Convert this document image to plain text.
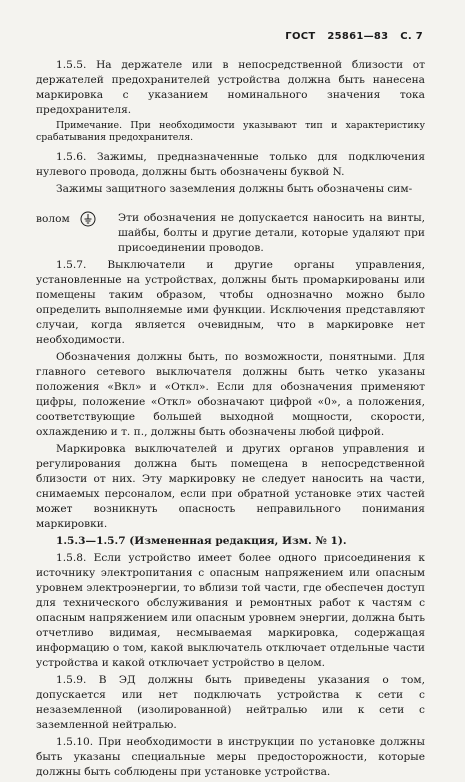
ГОСТ 25861—83 С. 7

1.5.5. На держателе или в непосредственной близости от держателей предохранителей устройства должна быть нанесена маркировка с указанием номинального значения тока предохранителя.

Примечание. При необходимости указывают тип и характеристику срабатывания предохранителя.

1.5.6. Зажимы, предназначенные только для подключения нулевого провода, должны быть обозначены буквой N.

Зажимы защитного заземления должны быть обозначены сим-

волом	Эти обозначения не допускается наносить на винты, шайбы, болты и другие детали, которые удаляют при присоединении проводов.

1.5.7. Выключатели и другие органы управления, установленные на устройствах, должны быть промаркированы или помещены таким образом, чтобы однозначно можно было определить выполняемые ими функции. Исключения представляют случаи, когда является очевидным, что в маркировке нет необходимости.

Обозначения должны быть, по возможности, понятными. Для главного сетевого выключателя должны быть четко указаны положения «Вкл» и «Откл». Если для обозначения применяют цифры, положение «Откл» обозначают цифрой «0», а положения, соответствующие большей выходной мощности, скорости, охлаждению и т. п., должны быть обозначены любой цифрой.

Маркировка выключателей и других органов управления и регулирования должна быть помещена в непосредственной близости от них. Эту маркировку не следует наносить на части, снимаемых персоналом, если при обратной установке этих частей может возникнуть опасность неправильного понимания маркировки.

1.5.3—1.5.7 (Измененная редакция, Изм. № 1).

1.5.8. Если устройство имеет более одного присоединения к источнику электропитания с опасным напряжением или опасным уровнем электроэнергии, то вблизи той части, где обеспечен доступ для технического обслуживания и ремонтных работ к частям с опасным напряжением или опасным уровнем энергии, должна быть отчетливо видимая, несмываемая маркировка, содержащая информацию о том, какой выключатель отключает отдельные части устройства и какой отключает устройство в целом.

1.5.9. В ЭД должны быть приведены указания о том, допускается или нет подключать устройства к сети с незаземленной (изолированной) нейтралью или к сети с заземленной нейтралью.

1.5.10. При необходимости в инструкции по установке должны быть указаны специальные меры предосторожности, которые должны быть соблюдены при установке устройства.
